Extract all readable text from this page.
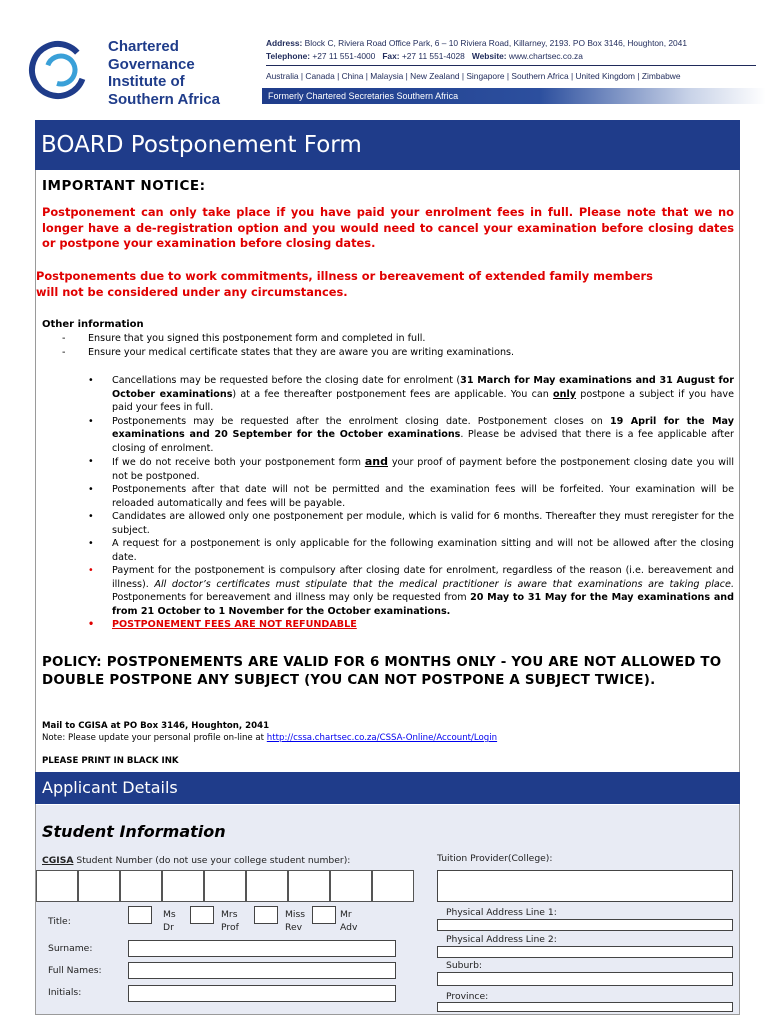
Chartered
Governance
Institute of
Southern Africa
Address: Block C, Riviera Road Office Park, 6 – 10 Riviera Road, Killarney, 2193. PO Box 3146, Houghton, 2041
Telephone: +27 11 551-4000 Fax: +27 11 551-4028 Website: www.chartsec.co.za
Australia | Canada | China | Malaysia | New Zealand | Singapore | Southern Africa | United Kingdom | Zimbabwe
Formerly Chartered Secretaries Southern Africa
BOARD Postponement Form
IMPORTANT NOTICE:
Postponement can only take place if you have paid your enrolment fees in full. Please note that we no longer have a de-registration option and you would need to cancel your examination before closing dates or postpone your examination before closing dates.
Postponements due to work commitments, illness or bereavement of extended family members
will not be considered under any circumstances.
Other information
- Ensure that you signed this postponement form and completed in full.
- Ensure your medical certificate states that they are aware you are writing examinations.
• Cancellations may be requested before the closing date for enrolment (31 March for May examinations and 31 August for October examinations) at a fee thereafter postponement fees are applicable. You can only postpone a subject if you have paid your fees in full.
• Postponements may be requested after the enrolment closing date. Postponement closes on 19 April for the May examinations and 20 September for the October examinations. Please be advised that there is a fee applicable after closing of enrolment.
• If we do not receive both your postponement form and your proof of payment before the postponement closing date you will not be postponed.
• Postponements after that date will not be permitted and the examination fees will be forfeited. Your examination will be reloaded automatically and fees will be payable.
• Candidates are allowed only one postponement per module, which is valid for 6 months. Thereafter they must reregister for the subject.
• A request for a postponement is only applicable for the following examination sitting and will not be allowed after the closing date.
• Payment for the postponement is compulsory after closing date for enrolment, regardless of the reason (i.e. bereavement and illness). All doctor’s certificates must stipulate that the medical practitioner is aware that examinations are taking place. Postponements for bereavement and illness may only be requested from 20 May to 31 May for the May examinations and from 21 October to 1 November for the October examinations.
• POSTPONEMENT FEES ARE NOT REFUNDABLE
POLICY: POSTPONEMENTS ARE VALID FOR 6 MONTHS ONLY - YOU ARE NOT ALLOWED TO DOUBLE POSTPONE ANY SUBJECT (YOU CAN NOT POSTPONE A SUBJECT TWICE).
Mail to CGISA at PO Box 3146, Houghton, 2041
Note: Please update your personal profile on-line at http://cssa.chartsec.co.za/CSSA-Online/Account/Login
PLEASE PRINT IN BLACK INK
Applicant Details
Student Information
CGISA Student Number (do not use your college student number):	Tuition Provider(College):
Title:
Ms
Dr
Mrs
Prof
Miss
Rev
Mr
Adv
Surname:
Full Names:
Initials:
Physical Address Line 1:
Physical Address Line 2:
Suburb:
Province:
